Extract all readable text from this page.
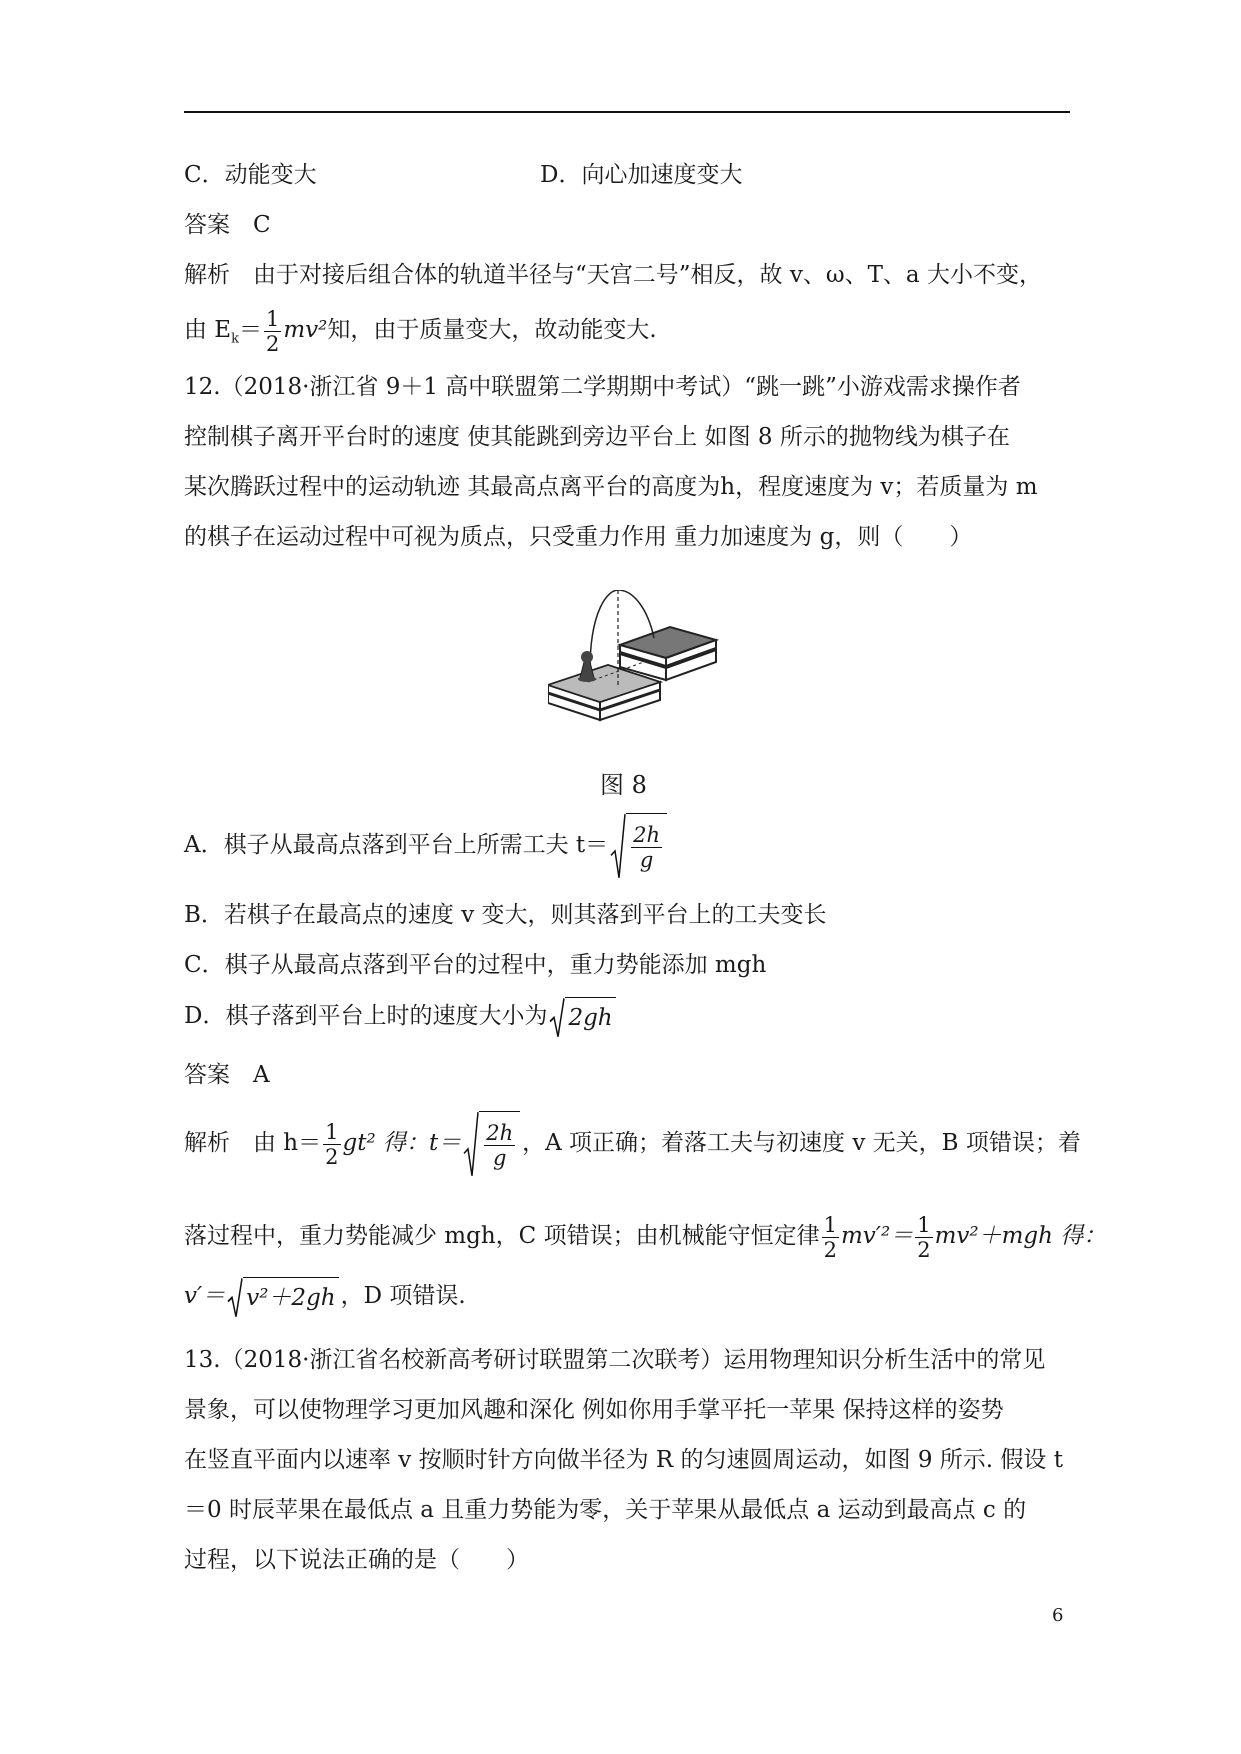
C．动能变大	D．向心加速度变大
答案　C
解析　由于对接后组合体的轨道半径与“天宫二号”相反，故 v、ω、T、a 大小不变，
由 $E_k= \frac{1}{2} mv^2$知，由于质量变大，故动能变大.
12.（2018·浙江省 9＋1 高中联盟第二学期期中考试）“跳一跳”小游戏需求操作者
控制棋子离开平台时的速度 使其能跳到旁边平台上 如图 8 所示的抛物线为棋子在
某次腾跃过程中的运动轨迹 其最高点离平台的高度为h，程度速度为 v；若质量为 m
的棋子在运动过程中可视为质点，只受重力作用 重力加速度为 g，则（　　）
图 8
A．棋子从最高点落到平台上所需工夫 $t= \frac{2h}{g}$
B．若棋子在最高点的速度 v 变大，则其落到平台上的工夫变长
C．棋子从最高点落到平台的过程中，重力势能添加 mgh
D．棋子落到平台上时的速度大小为 2gh
答案　A
解析　由 $h= \frac{1}{2} gt^2$ 得：$t= \frac{2h}{g}$ ，A 项正确；着落工夫与初速度 v 无关，B 项错误；着
落过程中，重力势能减少 mgh，C 项错误；由机械能守恒定律 $\frac{1}{2} mv'^2= \frac{1}{2} mv^2+mgh$ 得：
v′＝ v²＋2gh ，D 项错误.
13.（2018·浙江省名校新高考研讨联盟第二次联考）运用物理知识分析生活中的常见
景象，可以使物理学习更加风趣和深化 例如你用手掌平托一苹果 保持这样的姿势
在竖直平面内以速率 v 按顺时针方向做半径为 R 的匀速圆周运动，如图 9 所示. 假设 t
＝0 时辰苹果在最低点 a 且重力势能为零，关于苹果从最低点 a 运动到最高点 c 的
过程，以下说法正确的是（　　）
6
